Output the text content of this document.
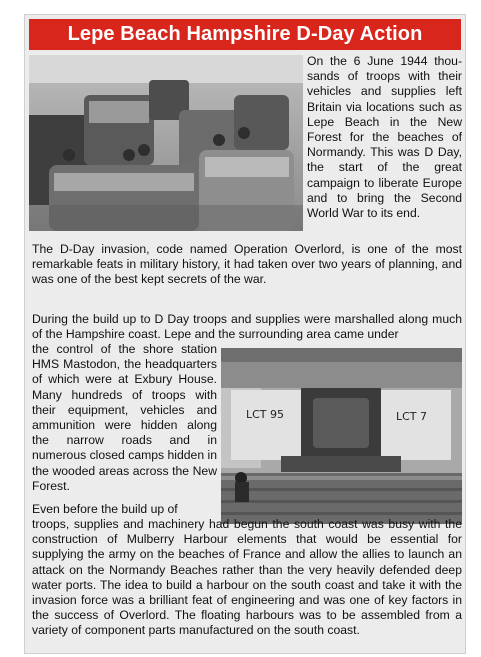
Lepe Beach Hampshire D-Day Action
On the 6 June 1944 thousands of troops with their vehicles and supplies left Britain via locations such as Lepe Beach in the New Forest for the beaches of Normandy. This was D Day, the start of the great campaign to liberate Europe and to bring the Second World War to its end.
The D-Day invasion, code named Operation Overlord, is one of the most remarkable feats in military history, it had taken over two years of planning, and was one of the best kept secrets of the war.
During the build up to D Day troops and supplies were marshalled along much of the Hampshire coast. Lepe and the surrounding area came under
the control of the shore station HMS Mastodon, the headquarters of which were at Exbury House. Many hundreds of troops with their equipment, vehicles and ammunition were hidden along the narrow roads and in numerous closed camps hidden in the wooded areas across the New Forest.
LCT 95	LCT 7
Even before the build up of
troops, supplies and machinery had begun the south coast was busy with the construction of Mulberry Harbour elements that would be essential for supplying the army on the beaches of France and allow the allies to launch an attack on the Normandy Beaches rather than the very heavily defended deep water ports. The idea to build a harbour on the south coast and take it with the invasion force was a brilliant feat of engineering and was one of key factors in the success of Overlord. The floating harbours was to be assembled from a variety of component parts manufactured on the south coast.
